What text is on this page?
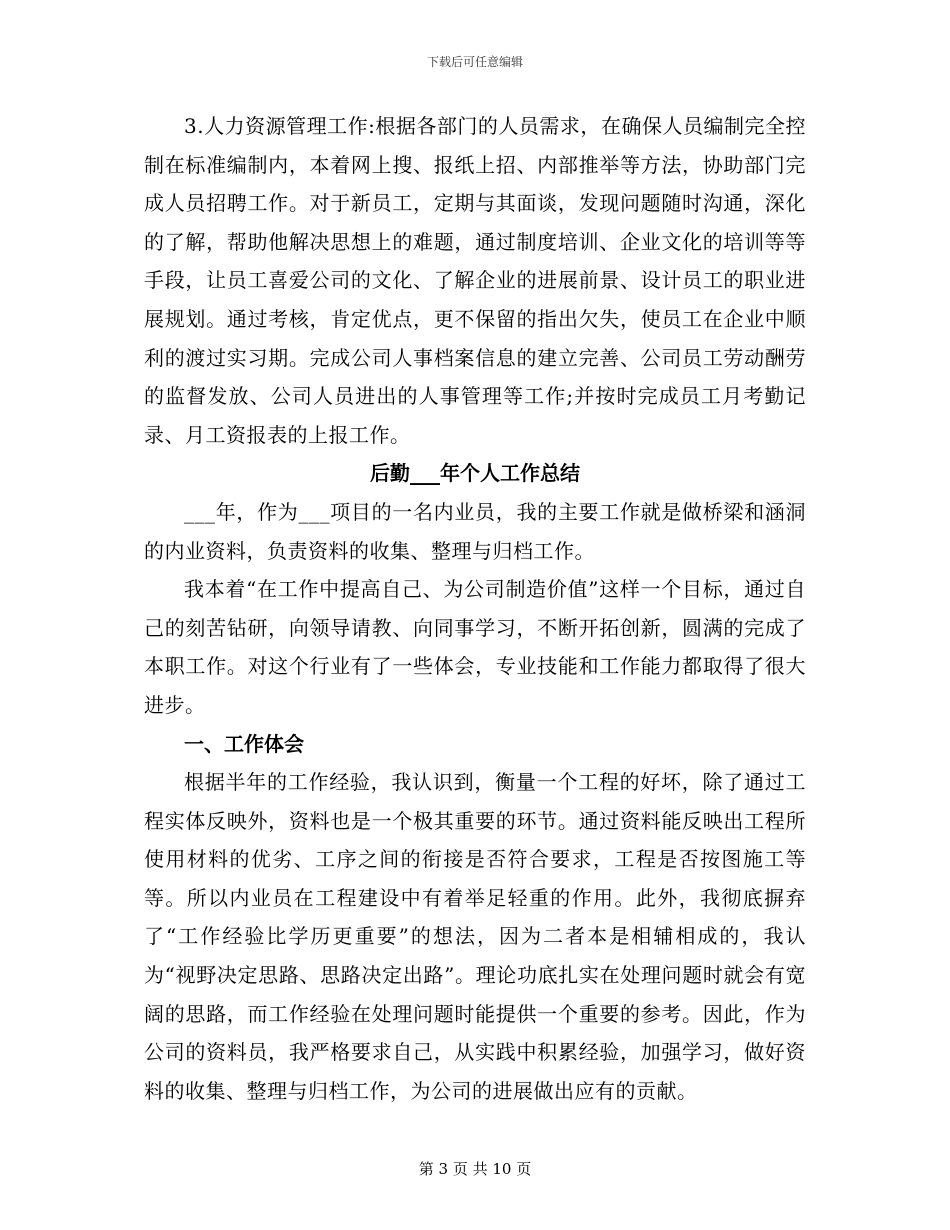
下载后可任意编辑

3.人力资源管理工作:根据各部门的人员需求，在确保人员编制完全控制在标准编制内，本着网上搜、报纸上招、内部推举等方法，协助部门完成人员招聘工作。对于新员工，定期与其面谈，发现问题随时沟通，深化的了解，帮助他解决思想上的难题，通过制度培训、企业文化的培训等等手段，让员工喜爱公司的文化、了解企业的进展前景、设计员工的职业进展规划。通过考核，肯定优点，更不保留的指出欠失，使员工在企业中顺利的渡过实习期。完成公司人事档案信息的建立完善、公司员工劳动酬劳的监督发放、公司人员进出的人事管理等工作;并按时完成员工月考勤记录、月工资报表的上报工作。

后勤___年个人工作总结

___年，作为___项目的一名内业员，我的主要工作就是做桥梁和涵洞的内业资料，负责资料的收集、整理与归档工作。

我本着“在工作中提高自己、为公司制造价值”这样一个目标，通过自己的刻苦钻研，向领导请教、向同事学习，不断开拓创新，圆满的完成了本职工作。对这个行业有了一些体会，专业技能和工作能力都取得了很大进步。

一、工作体会

根据半年的工作经验，我认识到，衡量一个工程的好坏，除了通过工程实体反映外，资料也是一个极其重要的环节。通过资料能反映出工程所使用材料的优劣、工序之间的衔接是否符合要求，工程是否按图施工等等。所以内业员在工程建设中有着举足轻重的作用。此外，我彻底摒弃了“工作经验比学历更重要”的想法，因为二者本是相辅相成的，我认为“视野决定思路、思路决定出路”。理论功底扎实在处理问题时就会有宽阔的思路，而工作经验在处理问题时能提供一个重要的参考。因此，作为公司的资料员，我严格要求自己，从实践中积累经验，加强学习，做好资料的收集、整理与归档工作，为公司的进展做出应有的贡献。

第 3 页 共 10 页
